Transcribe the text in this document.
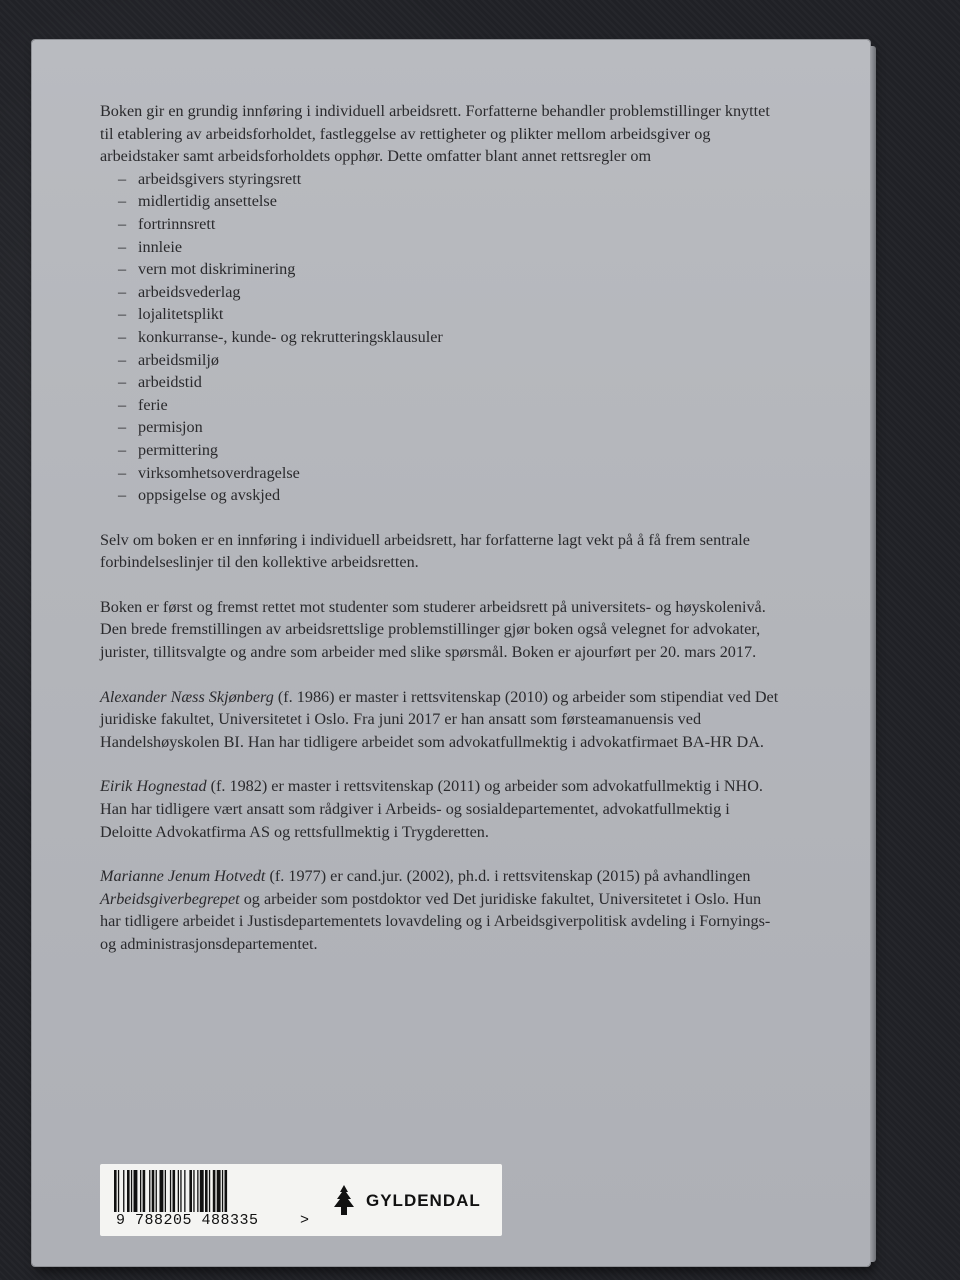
Boken gir en grundig innføring i individuell arbeidsrett. Forfatterne behandler problemstillinger knyttet til etablering av arbeidsforholdet, fastleggelse av rettigheter og plikter mellom arbeidsgiver og arbeidstaker samt arbeidsforholdets opphør. Dette omfatter blant annet rettsregler om

– arbeidsgivers styringsrett
– midlertidig ansettelse
– fortrinnsrett
– innleie
– vern mot diskriminering
– arbeidsvederlag
– lojalitetsplikt
– konkurranse-, kunde- og rekrutteringsklausuler
– arbeidsmiljø
– arbeidstid
– ferie
– permisjon
– permittering
– virksomhetsoverdragelse
– oppsigelse og avskjed

Selv om boken er en innføring i individuell arbeidsrett, har forfatterne lagt vekt på å få frem sentrale forbindelseslinjer til den kollektive arbeidsretten.

Boken er først og fremst rettet mot studenter som studerer arbeidsrett på universitets- og høyskolenivå. Den brede fremstillingen av arbeidsrettslige problemstillinger gjør boken også velegnet for advokater, jurister, tillitsvalgte og andre som arbeider med slike spørsmål. Boken er ajourført per 20. mars 2017.

Alexander Næss Skjønberg (f. 1986) er master i rettsvitenskap (2010) og arbeider som stipendiat ved Det juridiske fakultet, Universitetet i Oslo. Fra juni 2017 er han ansatt som førsteamanuensis ved Handelshøyskolen BI. Han har tidligere arbeidet som advokatfullmektig i advokatfirmaet BA-HR DA.

Eirik Hognestad (f. 1982) er master i rettsvitenskap (2011) og arbeider som advokatfullmektig i NHO. Han har tidligere vært ansatt som rådgiver i Arbeids- og sosialdepartementet, advokatfullmektig i Deloitte Advokatfirma AS og rettsfullmektig i Trygderetten.

Marianne Jenum Hotvedt (f. 1977) er cand.jur. (2002), ph.d. i rettsvitenskap (2015) på avhandlingen Arbeidsgiverbegrepet og arbeider som postdoktor ved Det juridiske fakultet, Universitetet i Oslo. Hun har tidligere arbeidet i Justisdepartementets lovavdeling og i Arbeidsgiverpolitisk avdeling i Fornyings- og administrasjonsdepartementet.

9 788205 488335	>
GYLDENDAL
